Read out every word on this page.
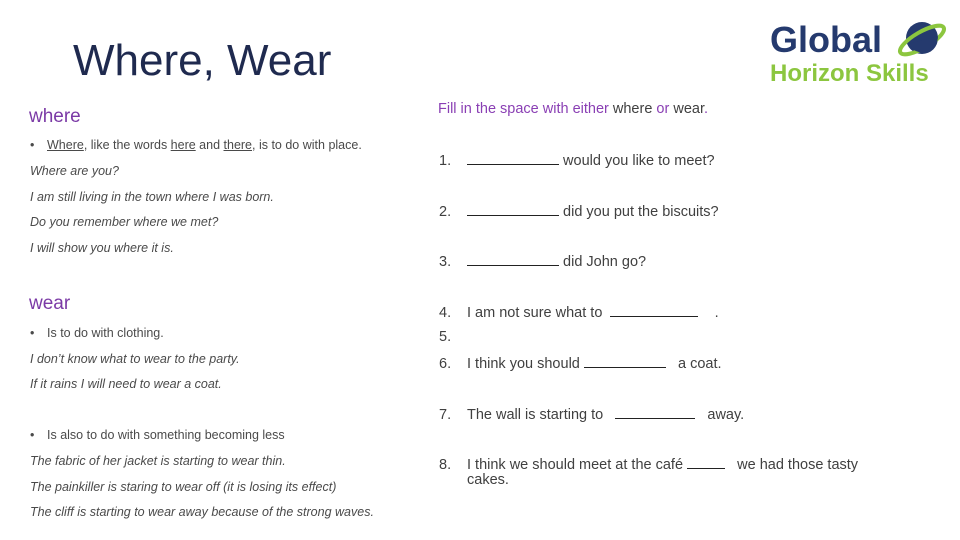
Where, Wear	Global
Horizon Skills
where
• Where, like the words here and there, is to do with place.
Where are you?
I am still living in the town where I was born.
Do you remember where we met?
I will show you where it is.
wear
• Is to do with clothing.
I don’t know what to wear to the party.
If it rains I will need to wear a coat.
• Is also to do with something becoming less
The fabric of her jacket is starting to wear thin.
The painkiller is staring to wear off (it is losing its effect)
The cliff is starting to wear away because of the strong waves.
Fill in the space with either where or wear.
1.	would you like to meet?
2.	did you put the biscuits?
3.	did John go?
4. I am not sure what to	.
5.
6. I think you should	a coat.
7. The wall is starting to	away.
8. I think we should meet at the café	we had those tasty
cakes.
